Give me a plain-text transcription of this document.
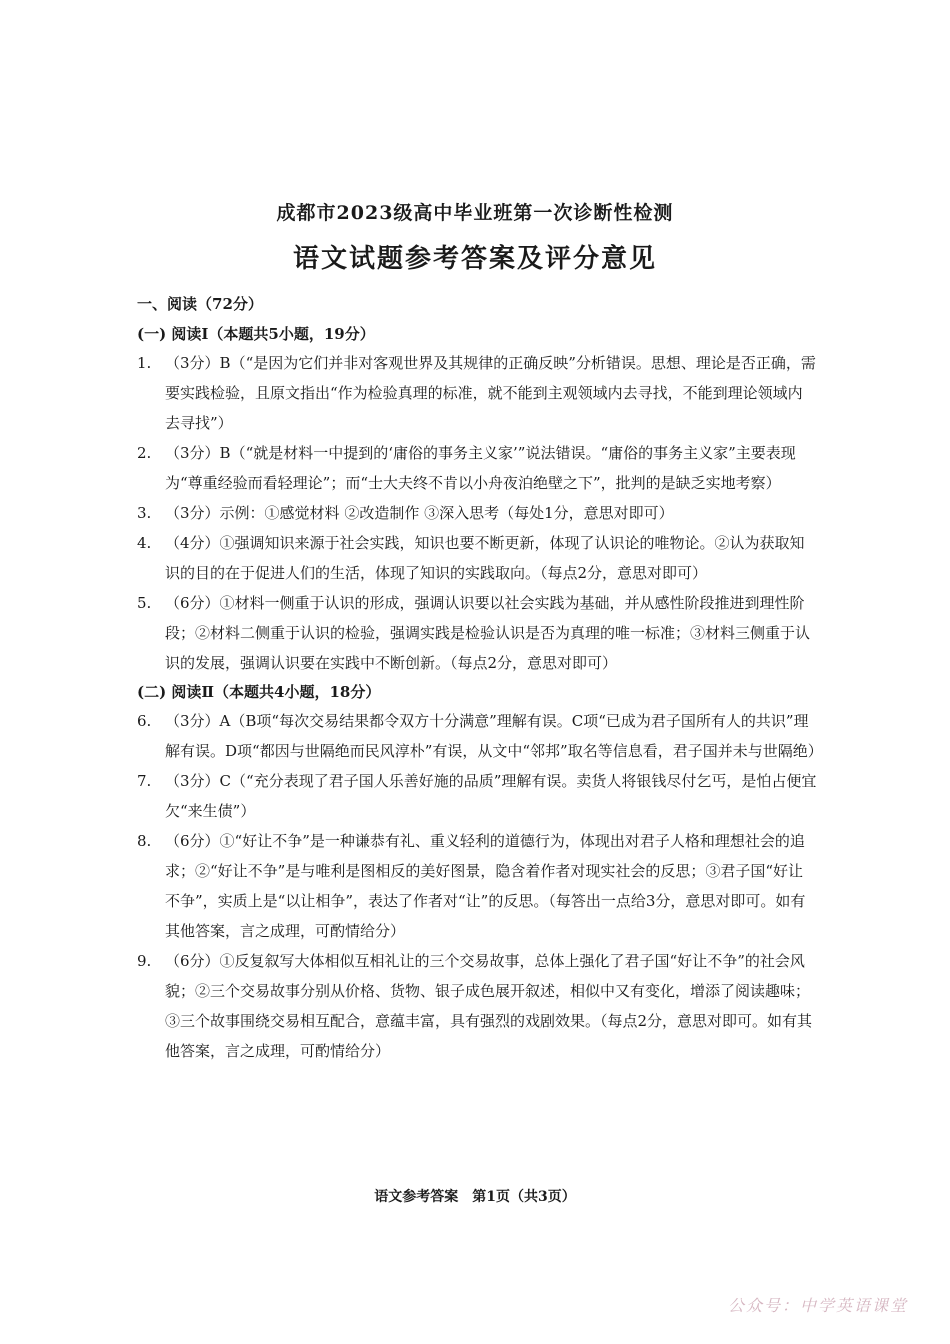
成都市2023级高中毕业班第一次诊断性检测
语文试题参考答案及评分意见
一、阅读（72分）
(一) 阅读Ⅰ（本题共5小题，19分）
1. （3分）B（“是因为它们并非对客观世界及其规律的正确反映”分析错误。思想、理论是否正确，需要实践检验，且原文指出“作为检验真理的标准，就不能到主观领域内去寻找，不能到理论领域内去寻找”）
2. （3分）B（“就是材料一中提到的‘庸俗的事务主义家’”说法错误。“庸俗的事务主义家”主要表现为“尊重经验而看轻理论”；而“士大夫终不肯以小舟夜泊绝壁之下”，批判的是缺乏实地考察）
3. （3分）示例：①感觉材料 ②改造制作 ③深入思考（每处1分，意思对即可）
4. （4分）①强调知识来源于社会实践，知识也要不断更新，体现了认识论的唯物论。②认为获取知识的目的在于促进人们的生活，体现了知识的实践取向。（每点2分，意思对即可）
5. （6分）①材料一侧重于认识的形成，强调认识要以社会实践为基础，并从感性阶段推进到理性阶段；②材料二侧重于认识的检验，强调实践是检验认识是否为真理的唯一标准；③材料三侧重于认识的发展，强调认识要在实践中不断创新。（每点2分，意思对即可）
(二) 阅读Ⅱ（本题共4小题，18分）
6. （3分）A（B项“每次交易结果都令双方十分满意”理解有误。C项“已成为君子国所有人的共识”理解有误。D项“都因与世隔绝而民风淳朴”有误，从文中“邻邦”取名等信息看，君子国并未与世隔绝）
7. （3分）C（“充分表现了君子国人乐善好施的品质”理解有误。卖货人将银钱尽付乞丐，是怕占便宜欠“来生债”）
8. （6分）①“好让不争”是一种谦恭有礼、重义轻利的道德行为，体现出对君子人格和理想社会的追求；②“好让不争”是与唯利是图相反的美好图景，隐含着作者对现实社会的反思；③君子国“好让不争”，实质上是“以让相争”，表达了作者对“让”的反思。（每答出一点给3分，意思对即可。如有其他答案，言之成理，可酌情给分）
9. （6分）①反复叙写大体相似互相礼让的三个交易故事，总体上强化了君子国“好让不争”的社会风貌；②三个交易故事分别从价格、货物、银子成色展开叙述，相似中又有变化，增添了阅读趣味；③三个故事围绕交易相互配合，意蕴丰富，具有强烈的戏剧效果。（每点2分，意思对即可。如有其他答案，言之成理，可酌情给分）
语文参考答案　第1页（共3页）
公众号：中学英语课堂
